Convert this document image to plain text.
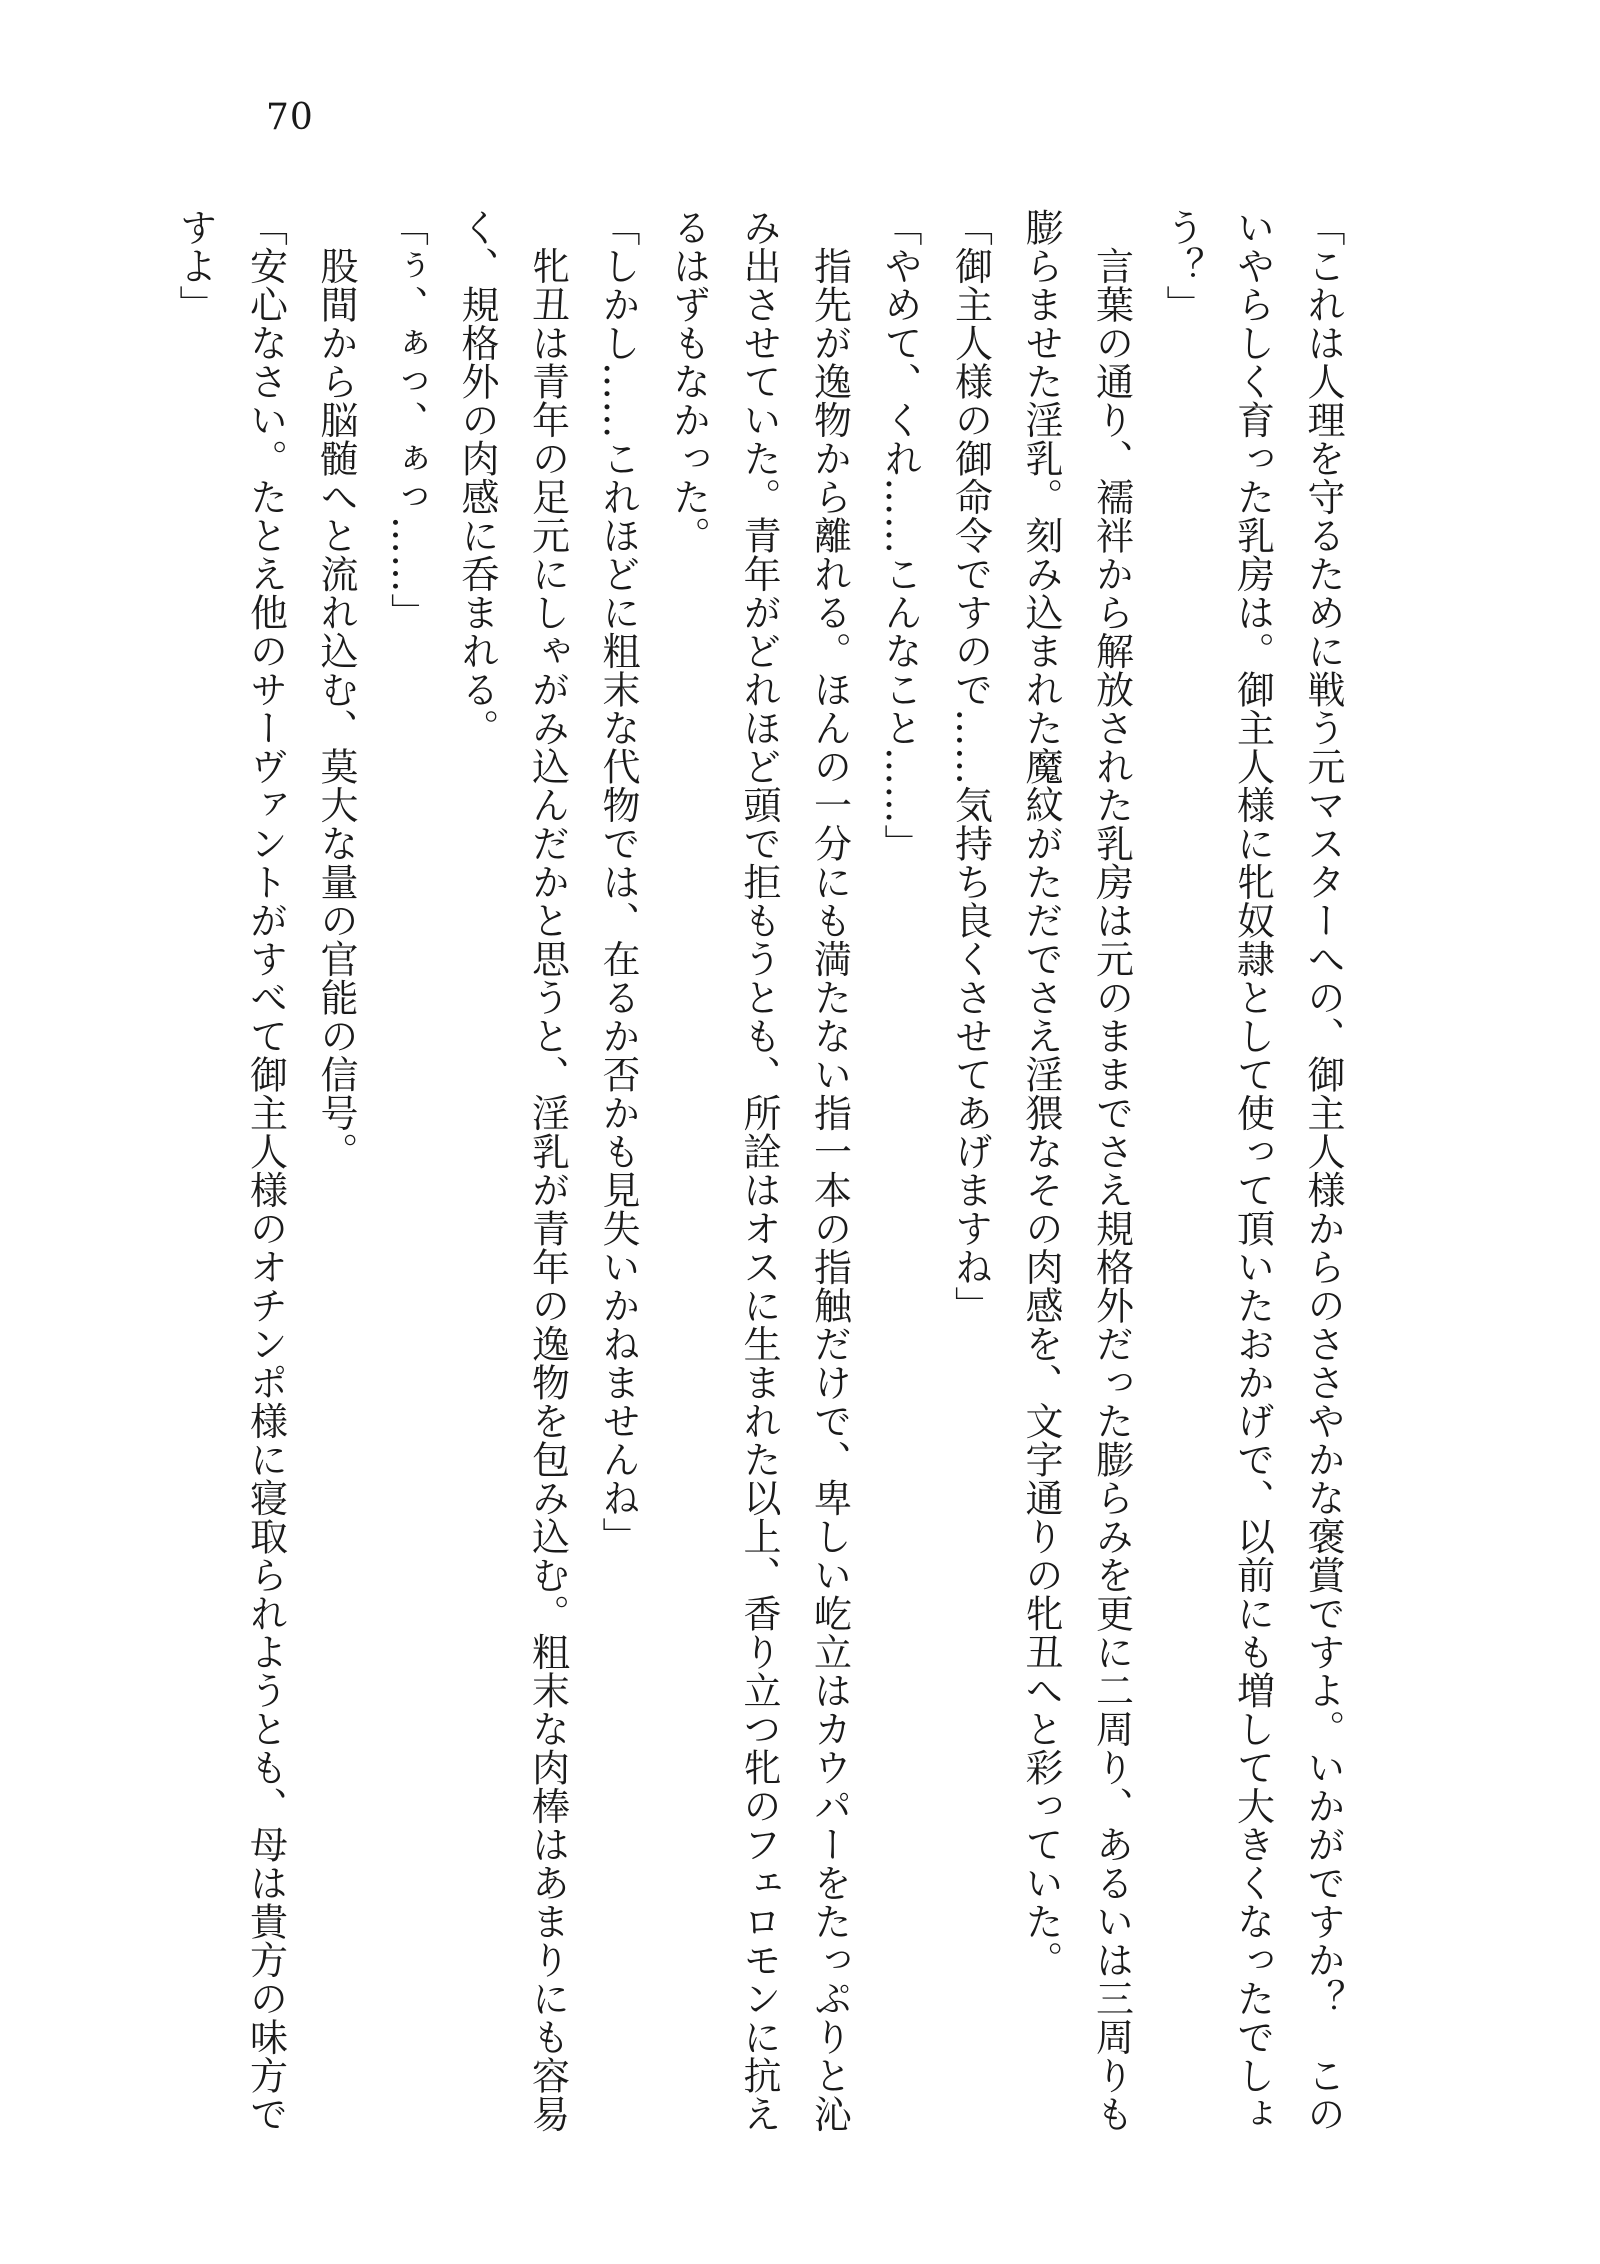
70
「これは人理を守るために戦う元マスターへの、御主人様からのささやかな褒賞ですよ。いかがですか？　このいやらしく育った乳房は。御主人様に牝奴隷として使って頂いたおかげで、以前にも増して大きくなったでしょう？」
　言葉の通り、襦袢から解放された乳房は元のままでさえ規格外だった膨らみを更に二周り、あるいは三周りも膨らませた淫乳。刻み込まれた魔紋がただでさえ淫猥なその肉感を、文字通りの牝丑へと彩っていた。
「御主人様の御命令ですので……気持ち良くさせてあげますね」
「やめて、くれ……こんなこと……」
　指先が逸物から離れる。ほんの一分にも満たない指一本の指触だけで、卑しい屹立はカウパーをたっぷりと沁み出させていた。青年がどれほど頭で拒もうとも、所詮はオスに生まれた以上、香り立つ牝のフェロモンに抗えるはずもなかった。
「しかし……これほどに粗末な代物では、在るか否かも見失いかねませんね」
　牝丑は青年の足元にしゃがみ込んだかと思うと、淫乳が青年の逸物を包み込む。粗末な肉棒はあまりにも容易く、規格外の肉感に呑まれる。
「ぅ、ぁっ、ぁっ……」
　股間から脳髄へと流れ込む、莫大な量の官能の信号。
「安心なさい。たとえ他のサーヴァントがすべて御主人様のオチンポ様に寝取られようとも、母は貴方の味方ですよ」
